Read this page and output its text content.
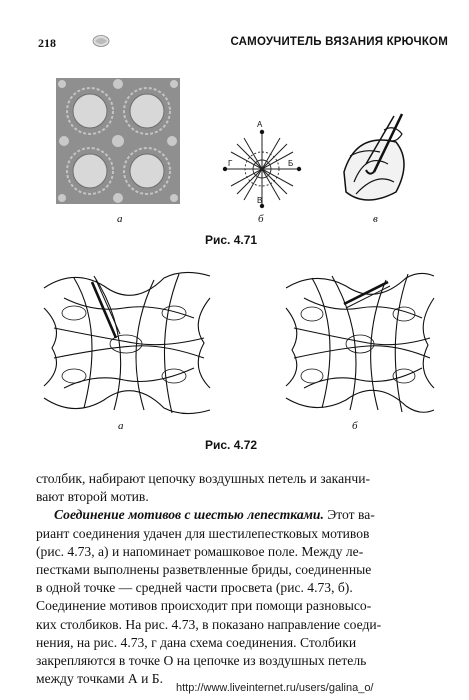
218	САМОУЧИТЕЛЬ ВЯЗАНИЯ КРЮЧКОМ
а
А
Б
В
Г
б	в
Рис. 4.71
а	б
Рис. 4.72

столбик, набирают цепочку воздушных петель и заканчи-
вают второй мотив.

Соединение мотивов с шестью лепестками. Этот ва-
риант соединения удачен для шестилепестковых мотивов
(рис. 4.73, а) и напоминает ромашковое поле. Между ле-
пестками выполнены разветвленные бриды, соединенные
в одной точке — средней части просвета (рис. 4.73, б).
Соединение мотивов происходит при помощи разновысо-
ких столбиков. На рис. 4.73, в показано направление соеди-
нения, на рис. 4.73, г дана схема соединения. Столбики
закрепляются в точке О на цепочке из воздушных петель
между точками А и Б.

http://www.liveinternet.ru/users/galina_o/
